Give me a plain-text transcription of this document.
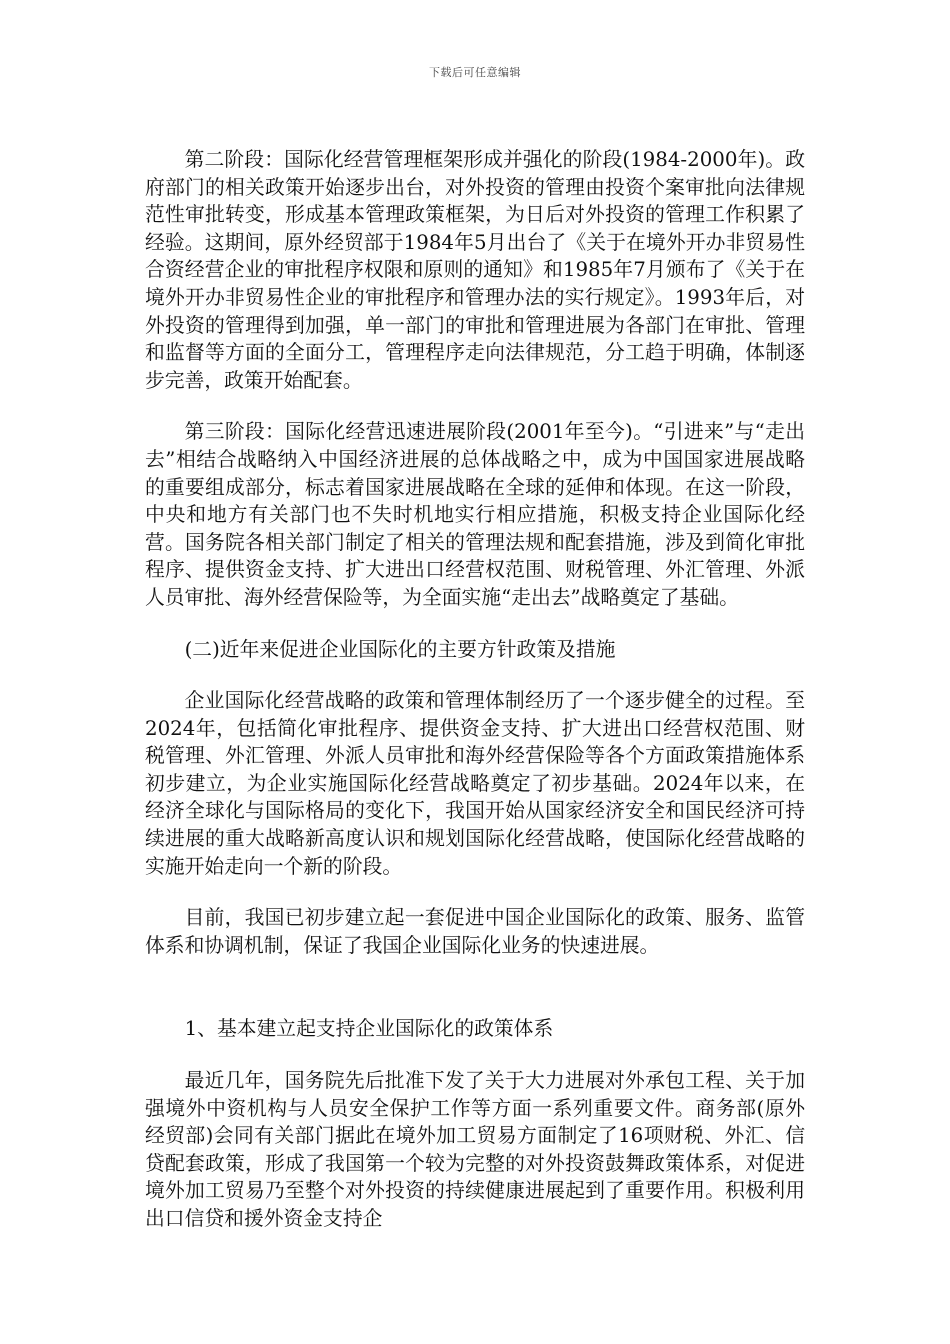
下载后可任意编辑

第二阶段：国际化经营管理框架形成并强化的阶段(1984-2000年)。政府部门的相关政策开始逐步出台，对外投资的管理由投资个案审批向法律规范性审批转变，形成基本管理政策框架，为日后对外投资的管理工作积累了经验。这期间，原外经贸部于1984年5月出台了《关于在境外开办非贸易性合资经营企业的审批程序权限和原则的通知》和1985年7月颁布了《关于在境外开办非贸易性企业的审批程序和管理办法的实行规定》。1993年后，对外投资的管理得到加强，单一部门的审批和管理进展为各部门在审批、管理和监督等方面的全面分工，管理程序走向法律规范，分工趋于明确，体制逐步完善，政策开始配套。

第三阶段：国际化经营迅速进展阶段(2001年至今)。“引进来”与“走出去”相结合战略纳入中国经济进展的总体战略之中，成为中国国家进展战略的重要组成部分，标志着国家进展战略在全球的延伸和体现。在这一阶段，中央和地方有关部门也不失时机地实行相应措施，积极支持企业国际化经营。国务院各相关部门制定了相关的管理法规和配套措施，涉及到简化审批程序、提供资金支持、扩大进出口经营权范围、财税管理、外汇管理、外派人员审批、海外经营保险等，为全面实施“走出去”战略奠定了基础。

(二)近年来促进企业国际化的主要方针政策及措施

企业国际化经营战略的政策和管理体制经历了一个逐步健全的过程。至2024年，包括简化审批程序、提供资金支持、扩大进出口经营权范围、财税管理、外汇管理、外派人员审批和海外经营保险等各个方面政策措施体系初步建立，为企业实施国际化经营战略奠定了初步基础。2024年以来，在经济全球化与国际格局的变化下，我国开始从国家经济安全和国民经济可持续进展的重大战略新高度认识和规划国际化经营战略，使国际化经营战略的实施开始走向一个新的阶段。

目前，我国已初步建立起一套促进中国企业国际化的政策、服务、监管体系和协调机制，保证了我国企业国际化业务的快速进展。

1、基本建立起支持企业国际化的政策体系

最近几年，国务院先后批准下发了关于大力进展对外承包工程、关于加强境外中资机构与人员安全保护工作等方面一系列重要文件。商务部(原外经贸部)会同有关部门据此在境外加工贸易方面制定了16项财税、外汇、信贷配套政策，形成了我国第一个较为完整的对外投资鼓舞政策体系，对促进境外加工贸易乃至整个对外投资的持续健康进展起到了重要作用。积极利用出口信贷和援外资金支持企
